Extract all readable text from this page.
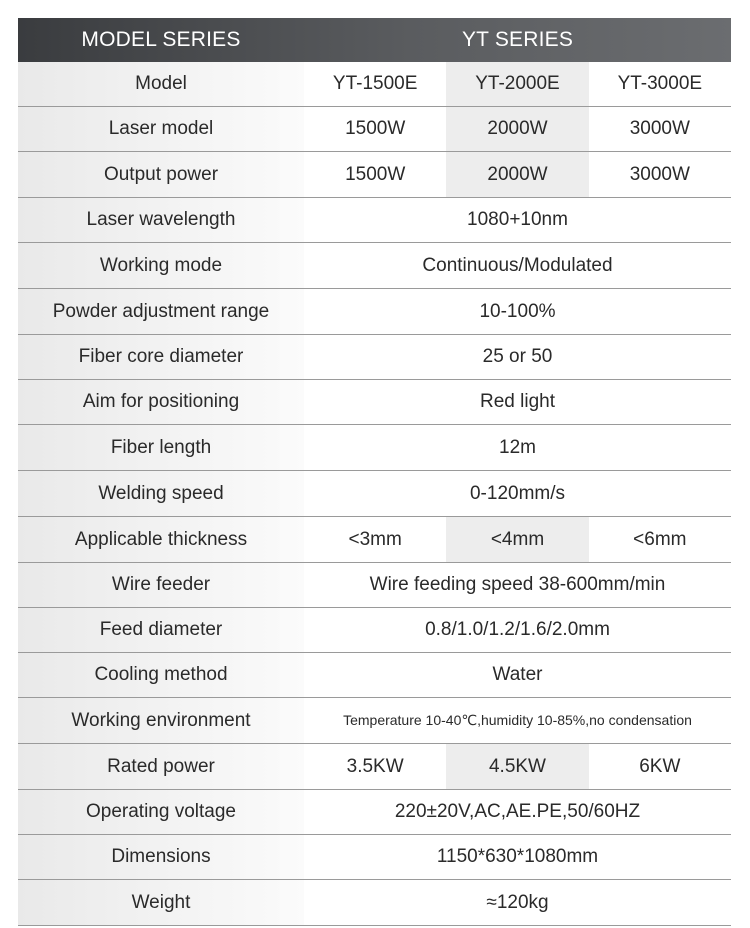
MODEL SERIES	YT SERIES
Model	YT-1500E	YT-2000E	YT-3000E
Laser model	1500W	2000W	3000W
Output power	1500W	2000W	3000W
Laser wavelength	1080+10nm
Working mode	Continuous/Modulated
Powder adjustment range	10-100%
Fiber core diameter	25 or 50
Aim for positioning	Red light
Fiber length	12m
Welding speed	0-120mm/s
Applicable thickness	<3mm	<4mm	<6mm
Wire feeder	Wire feeding speed 38-600mm/min
Feed diameter	0.8/1.0/1.2/1.6/2.0mm
Cooling method	Water
Working environment	Temperature 10-40℃,humidity 10-85%,no condensation
Rated power	3.5KW	4.5KW	6KW
Operating voltage	220±20V,AC,AE.PE,50/60HZ
Dimensions	1150*630*1080mm
Weight	≈120kg
